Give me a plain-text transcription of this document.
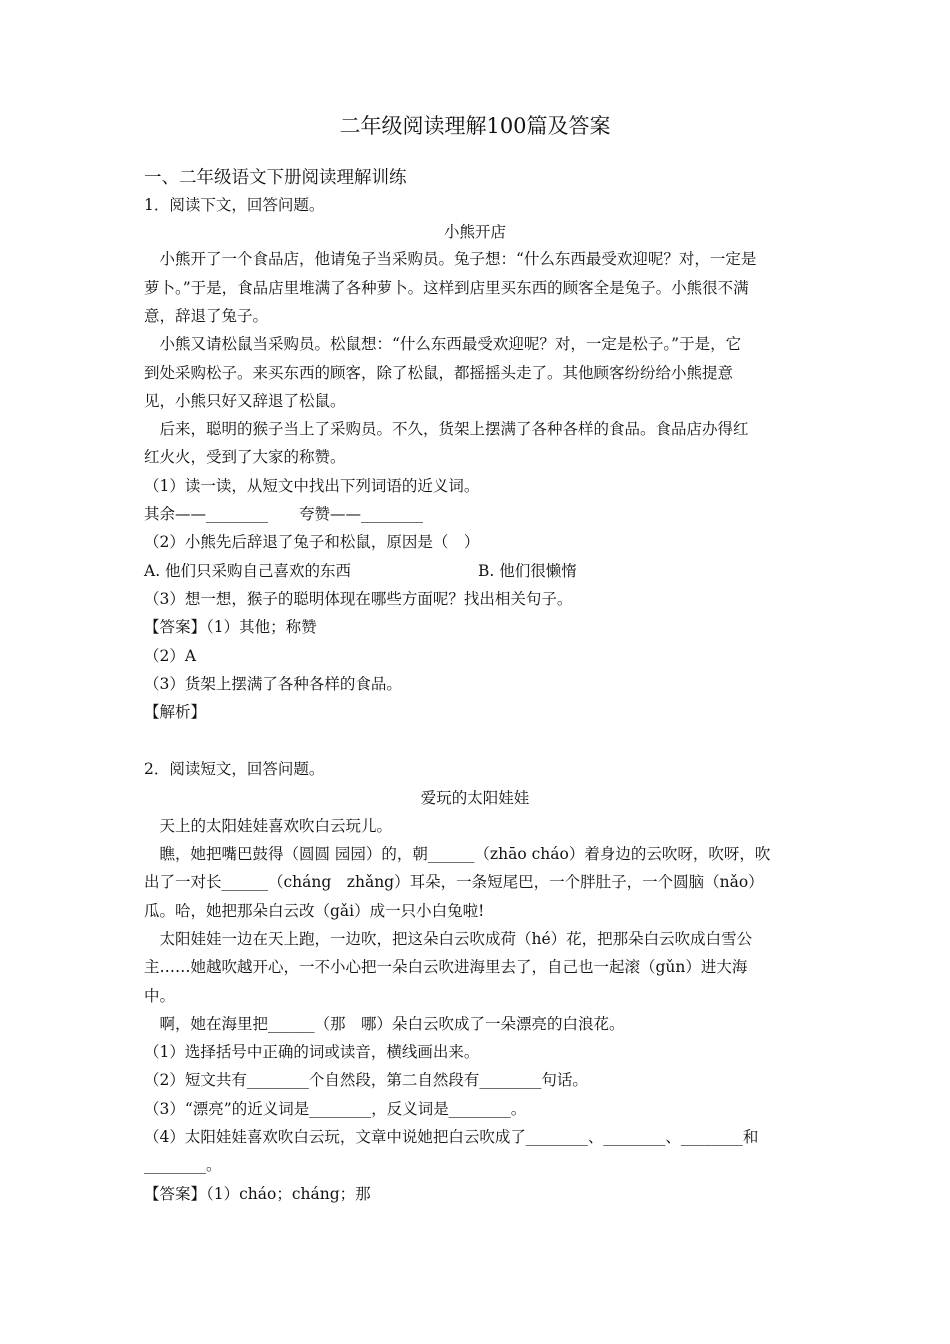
二年级阅读理解100篇及答案
一、二年级语文下册阅读理解训练
1．阅读下文，回答问题。
小熊开店
　小熊开了一个食品店，他请兔子当采购员。兔子想：“什么东西最受欢迎呢？对，一定是
萝卜。”于是，食品店里堆满了各种萝卜。这样到店里买东西的顾客全是兔子。小熊很不满
意，辞退了兔子。
　小熊又请松鼠当采购员。松鼠想：“什么东西最受欢迎呢？对，一定是松子。”于是，它
到处采购松子。来买东西的顾客，除了松鼠，都摇摇头走了。其他顾客纷纷给小熊提意
见，小熊只好又辞退了松鼠。
　后来，聪明的猴子当上了采购员。不久，货架上摆满了各种各样的食品。食品店办得红
红火火，受到了大家的称赞。
（1）读一读，从短文中找出下列词语的近义词。
其余——________　　夸赞——________
（2）小熊先后辞退了兔子和松鼠，原因是（　）
A. 他们只采购自己喜欢的东西	B. 他们很懒惰
（3）想一想，猴子的聪明体现在哪些方面呢？找出相关句子。
【答案】（1）其他；称赞
（2）A
（3）货架上摆满了各种各样的食品。
【解析】
2．阅读短文，回答问题。
爱玩的太阳娃娃
　天上的太阳娃娃喜欢吹白云玩儿。
　瞧，她把嘴巴鼓得（圆圆 园园）的，朝______（zhāo cháo）着身边的云吹呀，吹呀，吹
出了一对长______（cháng　zhǎng）耳朵，一条短尾巴，一个胖肚子，一个圆脑（nǎo）
瓜。哈，她把那朵白云改（gǎi）成一只小白兔啦!
　太阳娃娃一边在天上跑，一边吹，把这朵白云吹成荷（hé）花，把那朵白云吹成白雪公
主……她越吹越开心，一不小心把一朵白云吹进海里去了，自己也一起滚（gǔn）进大海
中。
　啊，她在海里把______（那　哪）朵白云吹成了一朵漂亮的白浪花。
（1）选择括号中正确的词或读音，横线画出来。
（2）短文共有________个自然段，第二自然段有________句话。
（3）“漂亮”的近义词是________，反义词是________。
（4）太阳娃娃喜欢吹白云玩，文章中说她把白云吹成了________、________、________和
________。
【答案】（1）cháo；cháng；那
